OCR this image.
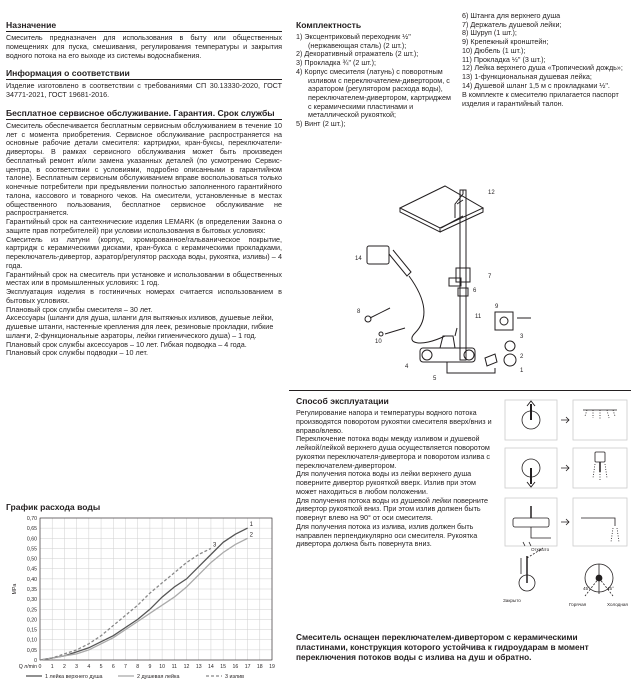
Назначение
Смеситель предназначен для использования в быту или общественных помещениях для пуска, смешивания, регулирования температуры и закрытия водного потока на его выходе из системы водоснабжения.
Информация о соответствии
Изделие изготовлено в соответствии с требованиями СП 30.13330-2020, ГОСТ 34771-2021, ГОСТ 19681-2016.
Бесплатное сервисное обслуживание. Гарантия. Срок службы
Смеситель обеспечивается бесплатным сервисным обслуживанием в течение 10 лет с момента приобретения. Сервисное обслуживание распространяется на основные рабочие детали смесителя: картриджи, кран-буксы, переключатели-диверторы. В рамках сервисного обслуживания может быть произведен бесплатный ремонт и/или замена указанных деталей (по усмотрению Сервис-центра, в соответствии с условиями, подробно описанными в гарантийном талоне). Бесплатным сервисным обслуживанием вправе воспользоваться только конечные потребители при предъявлении полностью заполненного гарантийного талона, кассового и товарного чеков. На смесители, установленные в местах общественного пользования, бесплатное сервисное обслуживание не распространяется.
Гарантийный срок на сантехнические изделия LEMARK (в определении Закона о защите прав потребителей) при условии использования в бытовых условиях:
Смеситель из латуни (корпус, хромированное/гальваническое покрытие, картридж с керамическими дисками, кран-букса с керамическими прокладками, переключатель-дивертор, аэратор/регулятор расхода воды, рукоятка, изливы) – 4 года.
Гарантийный срок на смеситель при установке и использовании в общественных местах или в промышленных условиях: 1 год.
Эксплуатация изделия в гостиничных номерах считается использованием в бытовых условиях.
Плановый срок службы смесителя – 30 лет.
Аксессуары (шланги для душа, шланги для вытяжных изливов, душевые лейки, душевые штанги, настенные крепления для леек, резиновые прокладки, гибкие шланги, 2-функциональные аэраторы, лейки гигиенического душа) – 1 год. Плановый срок службы аксессуаров – 10 лет. Гибкая подводка – 4 года. Плановый срок службы подводки – 10 лет.
График расхода воды
0
0,05
0,10
0,15
0,20
0,25
0,30
0,35
0,40
0,45
0,50
0,55
0,60
0,65
0,70
0 1 2 3 4 5 6 7 8 9 10 11 12 13 14 15 16 17 18 19
MPa
Q л/min
1
2
3
1 лейка верхнего душа	2 душевая лейка	3 излив
Комплектность
1) Эксцентриковый переходник ½" (нержавеющая сталь) (2 шт.);
2) Декоративный отражатель (2 шт.);
3) Прокладка ¾" (2 шт.);
4) Корпус смесителя (латунь) с поворотным изливом с переключателем-дивертором, с аэратором (регулятором расхода воды), переключателем-дивертором, картриджем с керамическими пластинами и металлической рукояткой;
5) Винт (2 шт.);
6) Штанга для верхнего душа
7) Держатель душевой лейки;
8) Шуруп (1 шт.);
9) Крепежный кронштейн;
10) Дюбель (1 шт.);
11) Прокладка ½" (3 шт.);
12) Лейка верхнего душа «Тропический дождь»;
13) 1-функциональная душевая лейка;
14) Душевой шланг 1,5 м с прокладками ½".
В комплекте к смесителю прилагается паспорт изделия и гарантийный талон.
14
8
10
12
7
9
3
2
1
4
5
6
11
Способ эксплуатации
Регулирование напора и температуры водного потока производятся поворотом рукоятки смесителя вверх/вниз и вправо/влево.
Переключение потока воды между изливом и душевой лейкой/лейкой верхнего душа осуществляется поворотом рукоятки переключателя-дивертора и поворотом излива с переключателем-дивертором.
Для получения потока воды из лейки верхнего душа поверните дивертор рукояткой вверх. Излив при этом может находиться в любом положении.
Для получения потока воды из душевой лейки поверните дивертор рукояткой вниз. При этом излив должен быть повернут влево на 90° от оси смесителя.
Для получения потока из излива, излив должен быть направлен перпендикулярно оси смесителя. Рукоятка дивертора должна быть повернута вниз.
Закрыто
Открыто
Горячая	Холодная
45°	45°
Смеситель оснащен переключателем-дивертором с керамическими пластинами, конструкция которого устойчива к гидроударам в момент переключения потоков воды с излива на душ и обратно.
